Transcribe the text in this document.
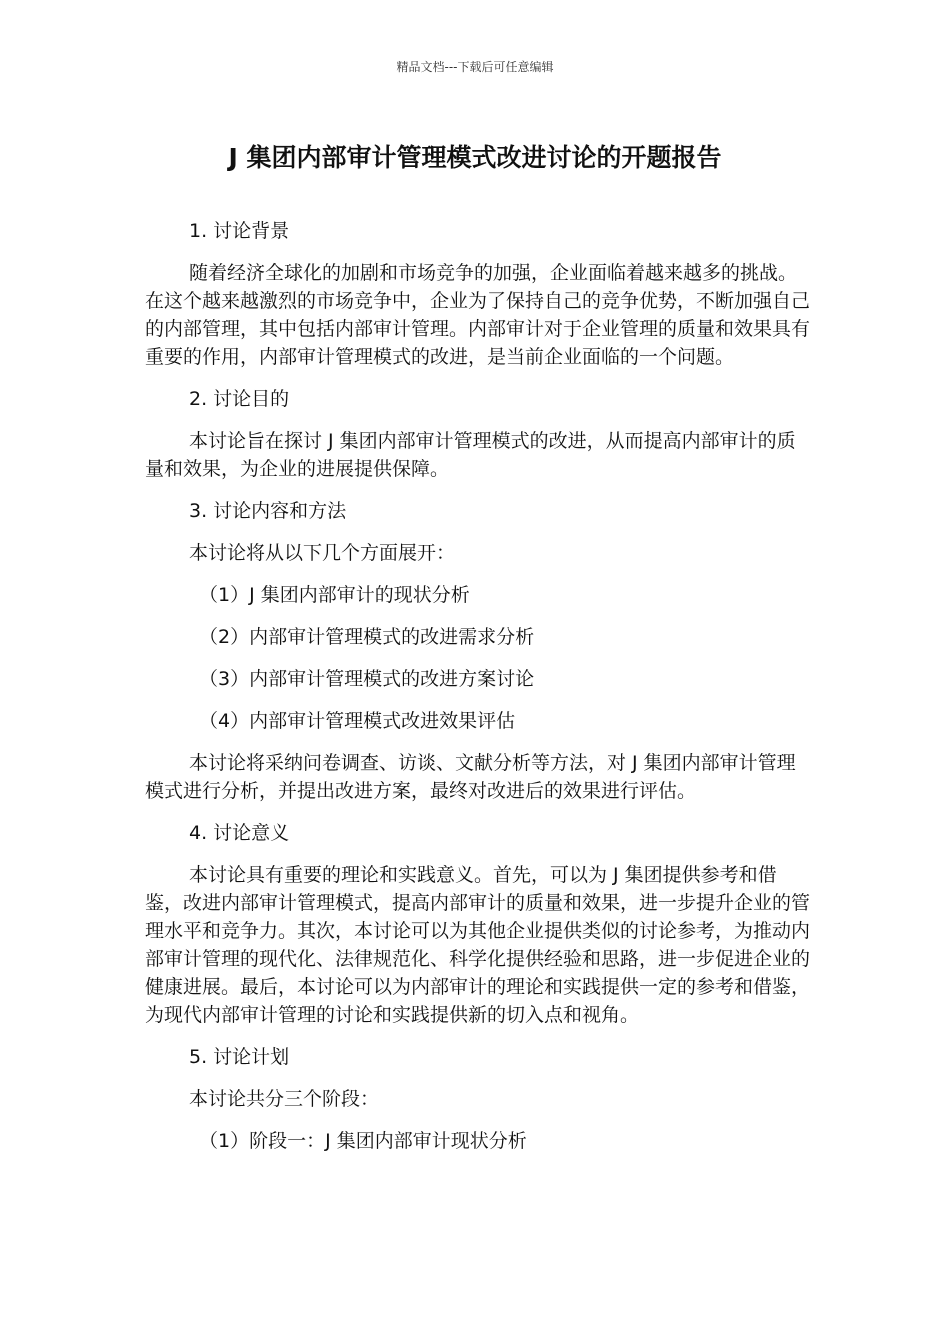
精品文档---下载后可任意编辑
J 集团内部审计管理模式改进讨论的开题报告

1. 讨论背景

随着经济全球化的加剧和市场竞争的加强，企业面临着越来越多的挑战。在这个越来越激烈的市场竞争中，企业为了保持自己的竞争优势，不断加强自己的内部管理，其中包括内部审计管理。内部审计对于企业管理的质量和效果具有重要的作用，内部审计管理模式的改进，是当前企业面临的一个问题。

2. 讨论目的

本讨论旨在探讨 J 集团内部审计管理模式的改进，从而提高内部审计的质量和效果，为企业的进展提供保障。

3. 讨论内容和方法

本讨论将从以下几个方面展开：

（1）J 集团内部审计的现状分析

（2）内部审计管理模式的改进需求分析

（3）内部审计管理模式的改进方案讨论

（4）内部审计管理模式改进效果评估

本讨论将采纳问卷调查、访谈、文献分析等方法，对 J 集团内部审计管理模式进行分析，并提出改进方案，最终对改进后的效果进行评估。

4. 讨论意义

本讨论具有重要的理论和实践意义。首先，可以为 J 集团提供参考和借鉴，改进内部审计管理模式，提高内部审计的质量和效果，进一步提升企业的管理水平和竞争力。其次，本讨论可以为其他企业提供类似的讨论参考，为推动内部审计管理的现代化、法律规范化、科学化提供经验和思路，进一步促进企业的健康进展。最后，本讨论可以为内部审计的理论和实践提供一定的参考和借鉴，为现代内部审计管理的讨论和实践提供新的切入点和视角。

5. 讨论计划

本讨论共分三个阶段：

（1）阶段一：J 集团内部审计现状分析
